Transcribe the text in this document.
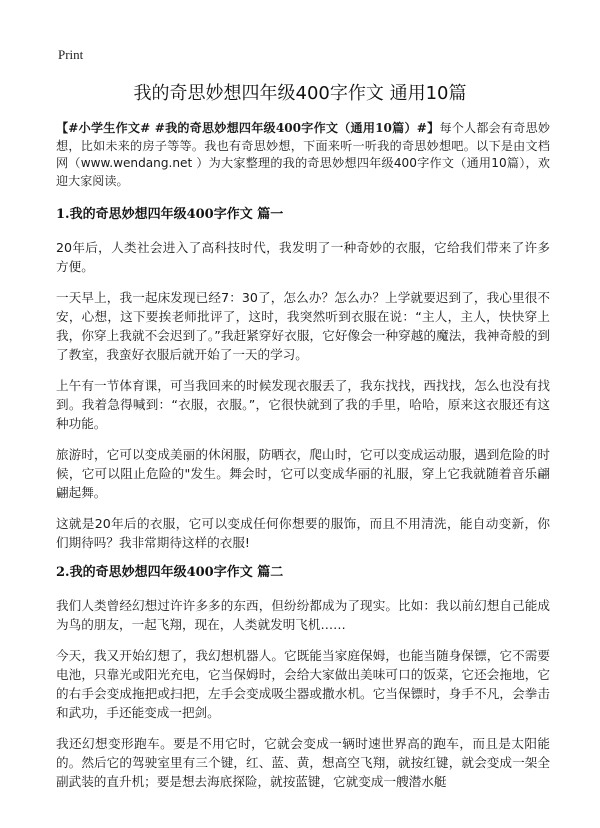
Print
我的奇思妙想四年级400字作文 通用10篇

【#小学生作文# #我的奇思妙想四年级400字作文（通用10篇）#】每个人都会有奇思妙想，比如未来的房子等等。我也有奇思妙想，下面来听一听我的奇思妙想吧。以下是由文档网（www.wendang.net ）为大家整理的我的奇思妙想四年级400字作文（通用10篇），欢迎大家阅读。

1.我的奇思妙想四年级400字作文 篇一

20年后，人类社会进入了高科技时代，我发明了一种奇妙的衣服，它给我们带来了许多方便。

一天早上，我一起床发现已经7：30了，怎么办？怎么办？上学就要迟到了，我心里很不安，心想，这下要挨老师批评了，这时，我突然听到衣服在说：“主人，主人，快快穿上我，你穿上我就不会迟到了。”我赶紧穿好衣服，它好像会一种穿越的魔法，我神奇般的到了教室，我蛮好衣服后就开始了一天的学习。

上午有一节体育课，可当我回来的时候发现衣服丢了，我东找找，西找找，怎么也没有找到。我着急得喊到：“衣服，衣服。”，它很快就到了我的手里，哈哈，原来这衣服还有这种功能。

旅游时，它可以变成美丽的休闲服，防晒衣，爬山时，它可以变成运动服，遇到危险的时候，它可以阻止危险的"发生。舞会时，它可以变成华丽的礼服，穿上它我就随着音乐翩翩起舞。

这就是20年后的衣服，它可以变成任何你想要的服饰，而且不用清洗，能自动变新，你们期待吗？我非常期待这样的衣服!

2.我的奇思妙想四年级400字作文 篇二

我们人类曾经幻想过许许多多的东西，但纷纷都成为了现实。比如：我以前幻想自己能成为鸟的朋友，一起飞翔，现在，人类就发明飞机……

今天，我又开始幻想了，我幻想机器人。它既能当家庭保姆，也能当随身保镖，它不需要电池，只靠光或阳光充电，它当保姆时，会给大家做出美味可口的饭菜，它还会拖地，它的右手会变成拖把或扫把，左手会变成吸尘器或撒水机。它当保镖时，身手不凡，会拳击和武功，手还能变成一把剑。

我还幻想变形跑车。要是不用它时，它就会变成一辆时速世界高的跑车，而且是太阳能的。然后它的驾驶室里有三个键，红、蓝、黄，想高空飞翔，就按红键，就会变成一架全副武装的直升机；要是想去海底探险，就按蓝键，它就变成一艘潜水艇
